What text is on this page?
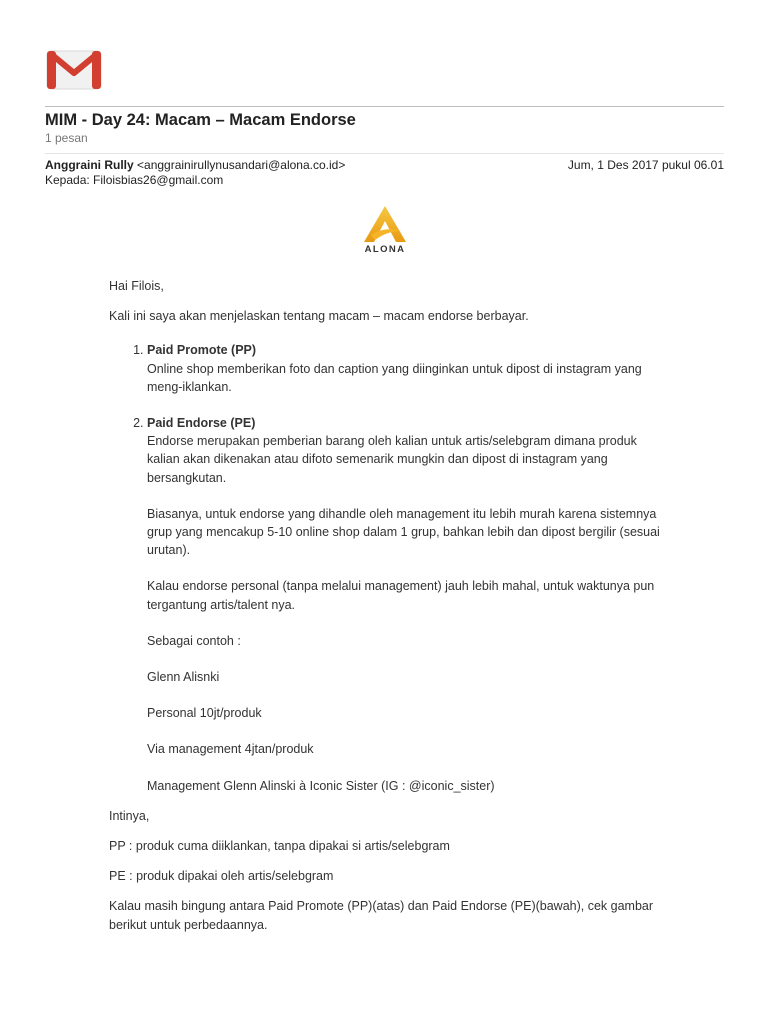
MIM - Day 24: Macam – Macam Endorse
1 pesan
Anggraini Rully <anggrainirullynusandari@alona.co.id>	Jum, 1 Des 2017 pukul 06.01
Kepada: Filoisbias26@gmail.com
ALONA

Hai Filois,

Kali ini saya akan menjelaskan tentang macam – macam endorse berbayar.

1. Paid Promote (PP)
Online shop memberikan foto dan caption yang diinginkan untuk dipost di instagram yang meng-iklankan.
2. Paid Endorse (PE)
Endorse merupakan pemberian barang oleh kalian untuk artis/selebgram dimana produk kalian akan dikenakan atau difoto semenarik mungkin dan dipost di instagram yang bersangkutan.
Biasanya, untuk endorse yang dihandle oleh management itu lebih murah karena sistemnya grup yang mencakup 5-10 online shop dalam 1 grup, bahkan lebih dan dipost bergilir (sesuai urutan).
Kalau endorse personal (tanpa melalui management) jauh lebih mahal, untuk waktunya pun tergantung artis/talent nya.
Sebagai contoh :
Glenn Alisnki
Personal 10jt/produk
Via management 4jtan/produk
Management Glenn Alinski à Iconic Sister (IG : @iconic_sister)

Intinya,

PP : produk cuma diiklankan, tanpa dipakai si artis/selebgram

PE : produk dipakai oleh artis/selebgram

Kalau masih bingung antara Paid Promote (PP)(atas) dan Paid Endorse (PE)(bawah), cek gambar berikut untuk perbedaannya.
